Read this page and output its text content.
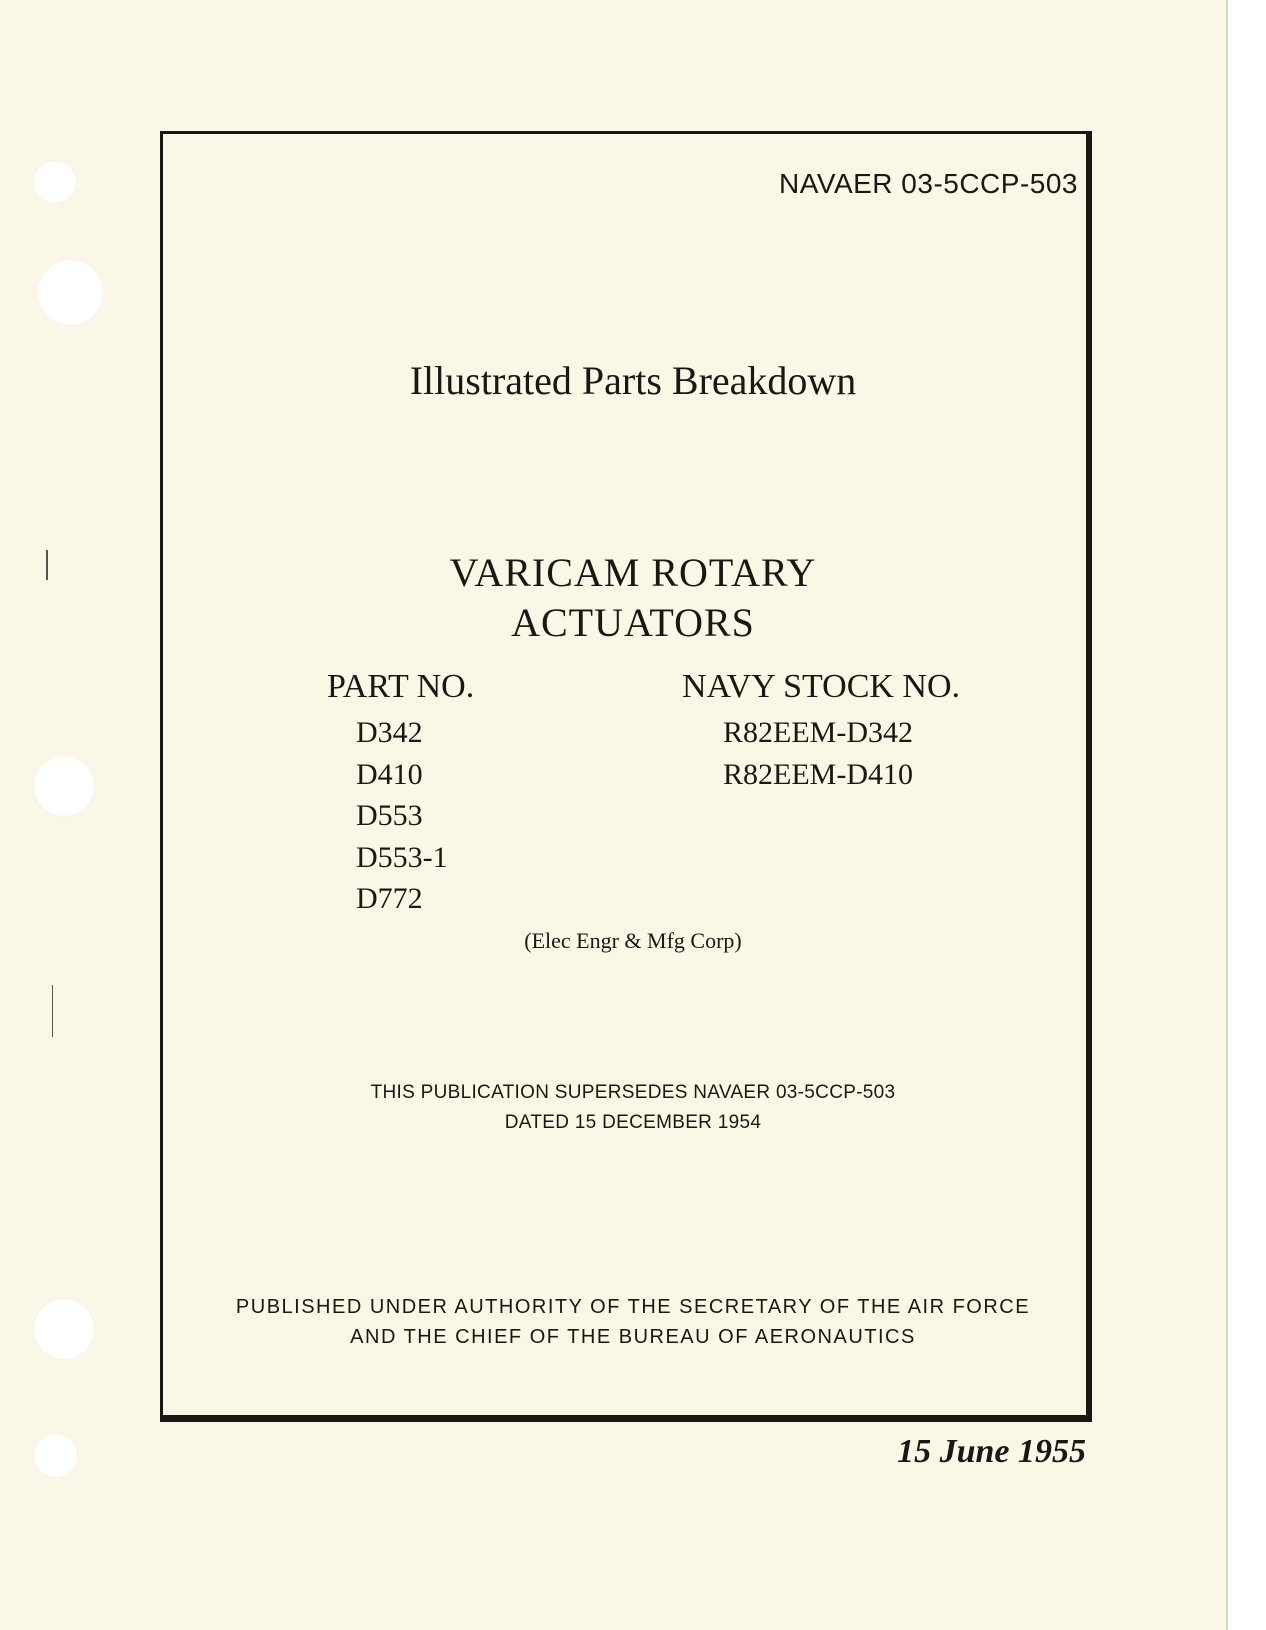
NAVAER 03-5CCP-503
Illustrated Parts Breakdown
VARICAM ROTARY
ACTUATORS
PART NO.
D342
D410
D553
D553-1
D772
NAVY STOCK NO.
R82EEM-D342
R82EEM-D410
(Elec Engr & Mfg Corp)
THIS PUBLICATION SUPERSEDES NAVAER 03-5CCP-503
DATED 15 DECEMBER 1954
PUBLISHED UNDER AUTHORITY OF THE SECRETARY OF THE AIR FORCE
AND THE CHIEF OF THE BUREAU OF AERONAUTICS
15 June 1955
